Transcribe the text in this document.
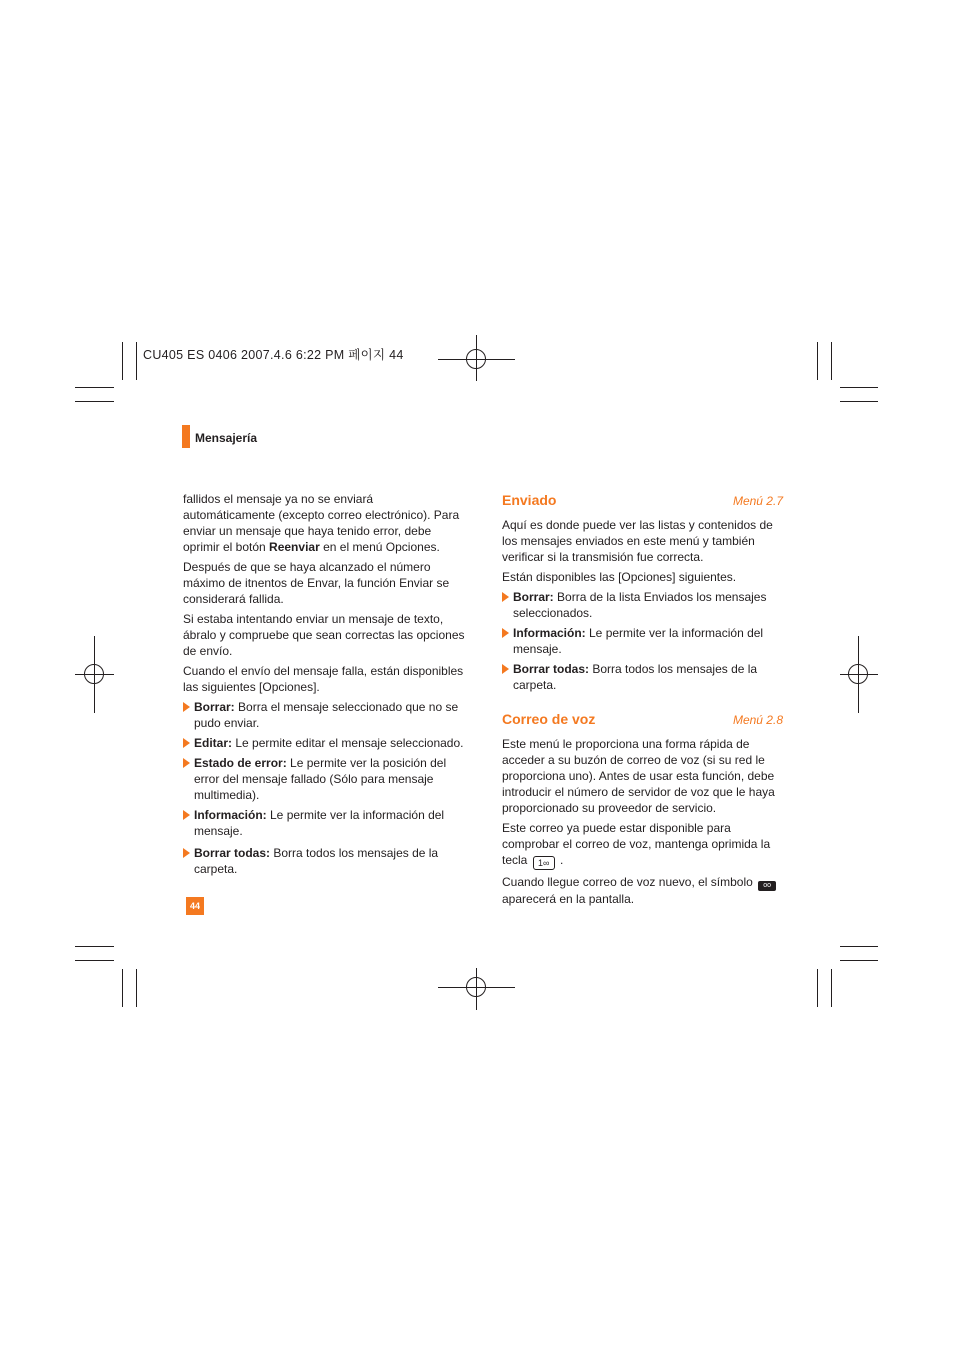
CU405 ES 0406 2007.4.6 6:22 PM 페이지 44
Mensajería

fallidos el mensaje ya no se enviará automáticamente (excepto correo electrónico). Para enviar un mensaje que haya tenido error, debe oprimir el botón Reenviar en el menú Opciones.

Después de que se haya alcanzado el número máximo de itnentos de Envar, la función Enviar se considerará fallida.

Si estaba intentando enviar un mensaje de texto, ábralo y compruebe que sean correctas las opciones de envío.

Cuando el envío del mensaje falla, están disponibles las siguientes [Opciones].

Borrar: Borra el mensaje seleccionado que no se pudo enviar.
Editar: Le permite editar el mensaje seleccionado.
Estado de error: Le permite ver la posición del error del mensaje fallado (Sólo para mensaje multimedia).
Información: Le permite ver la información del mensaje.
Borrar todas: Borra todos los mensajes de la carpeta.
Enviado	Menú 2.7

Aquí es donde puede ver las listas y contenidos de los mensajes enviados en este menú y también verificar si la transmisión fue correcta.

Están disponibles las [Opciones] siguientes.

Borrar: Borra de la lista Enviados los mensajes seleccionados.
Información: Le permite ver la información del mensaje.
Borrar todas: Borra todos los mensajes de la carpeta.
Correo de voz	Menú 2.8

Este menú le proporciona una forma rápida de acceder a su buzón de correo de voz (si su red le proporciona uno). Antes de usar esta función, debe introducir el número de servidor de voz que le haya proporcionado su proveedor de servicio.

Este correo ya puede estar disponible para comprobar el correo de voz, mantenga oprimida la tecla 1∞ .

Cuando llegue correo de voz nuevo, el símbolo oo aparecerá en la pantalla.

44
